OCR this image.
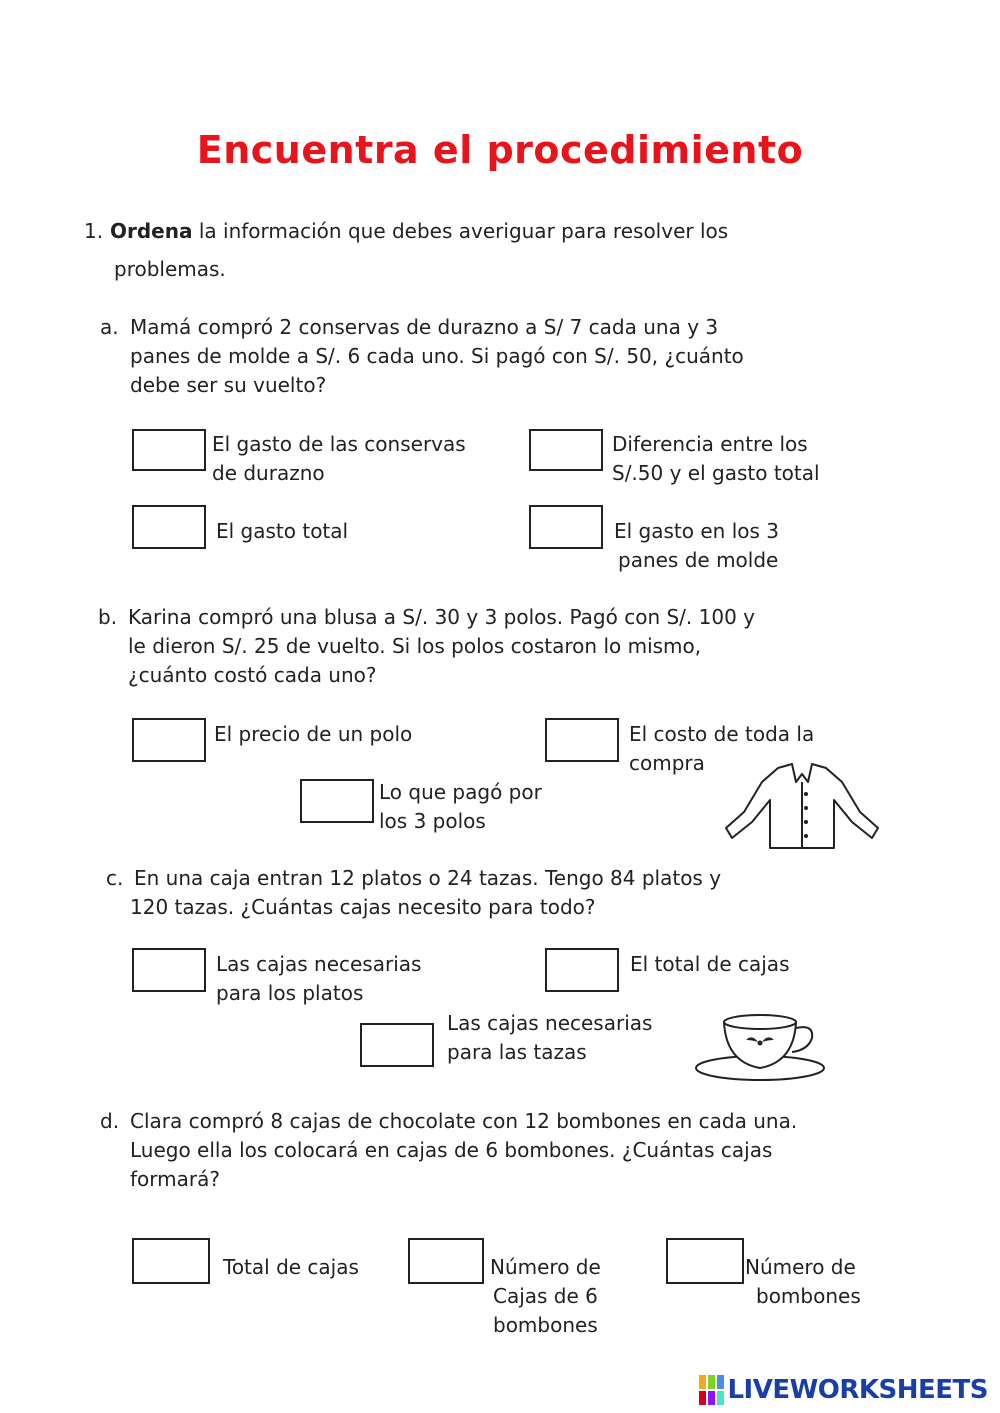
Encuentra el procedimiento
1. Ordena la información que debes averiguar para resolver los
problemas.
a. Mamá compró 2 conservas de durazno a S/ 7 cada una y 3
panes de molde a S/. 6 cada uno. Si pagó con S/. 50, ¿cuánto
debe ser su vuelto?
El gasto de las conservas
de durazno
Diferencia entre los
S/.50 y el gasto total
El gasto total	El gasto en los 3
panes de molde
b. Karina compró una blusa a S/. 30 y 3 polos. Pagó con S/. 100 y
le dieron S/. 25 de vuelto. Si los polos costaron lo mismo,
¿cuánto costó cada uno?
El precio de un polo	El costo de toda la
compra
Lo que pagó por
los 3 polos
c. En una caja entran 12 platos o 24 tazas. Tengo 84 platos y
120 tazas. ¿Cuántas cajas necesito para todo?
Las cajas necesarias
para los platos
El total de cajas
Las cajas necesarias
para las tazas
d. Clara compró 8 cajas de chocolate con 12 bombones en cada una.
Luego ella los colocará en cajas de 6 bombones. ¿Cuántas cajas
formará?
Total de cajas	Número de
Cajas de 6
bombones
Número de
bombones
LIVEWORKSHEETS
